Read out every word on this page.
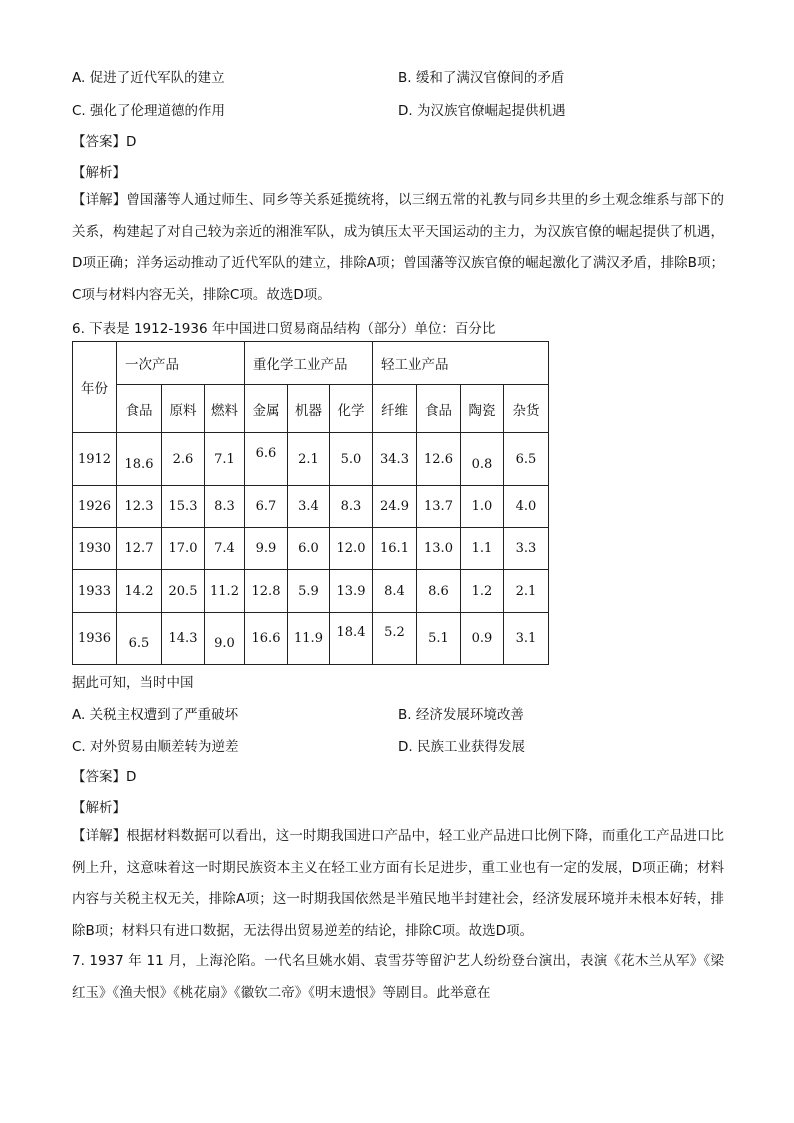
A. 促进了近代军队的建立	B. 缓和了满汉官僚间的矛盾
C. 强化了伦理道德的作用	D. 为汉族官僚崛起提供机遇
【答案】D
【解析】
【详解】曾国藩等人通过师生、同乡等关系延揽统将，以三纲五常的礼教与同乡共里的乡土观念维系与部下的关系，构建起了对自己较为亲近的湘淮军队，成为镇压太平天国运动的主力，为汉族官僚的崛起提供了机遇，D项正确；洋务运动推动了近代军队的建立，排除A项；曾国藩等汉族官僚的崛起激化了满汉矛盾，排除B项；C项与材料内容无关，排除C项。故选D项。
6. 下表是 1912-1936 年中国进口贸易商品结构（部分）单位：百分比
年份	一次产品			重化学工业产品			轻工业产品			
	食品	原料	燃料	金属	机器	化学	纤维	食品	陶瓷	杂货
1912	18.6	2.6	7.1	6.6	2.1	5.0	34.3	12.6	0.8	6.5
1926	12.3	15.3	8.3	6.7	3.4	8.3	24.9	13.7	1.0	4.0
1930	12.7	17.0	7.4	9.9	6.0	12.0	16.1	13.0	1.1	3.3
1933	14.2	20.5	11.2	12.8	5.9	13.9	8.4	8.6	1.2	2.1
1936	6.5	14.3	9.0	16.6	11.9	18.4	5.2	5.1	0.9	3.1
据此可知，当时中国
A. 关税主权遭到了严重破坏	B. 经济发展环境改善
C. 对外贸易由顺差转为逆差	D. 民族工业获得发展
【答案】D
【解析】
【详解】根据材料数据可以看出，这一时期我国进口产品中，轻工业产品进口比例下降，而重化工产品进口比例上升，这意味着这一时期民族资本主义在轻工业方面有长足进步，重工业也有一定的发展，D项正确；材料内容与关税主权无关，排除A项；这一时期我国依然是半殖民地半封建社会，经济发展环境并未根本好转，排除B项；材料只有进口数据，无法得出贸易逆差的结论，排除C项。故选D项。
7. 1937 年 11 月，上海沦陷。一代名旦姚水娟、袁雪芬等留沪艺人纷纷登台演出，表演《花木兰从军》《梁红玉》《渔夫恨》《桃花扇》《徽钦二帝》《明末遗恨》等剧目。此举意在
